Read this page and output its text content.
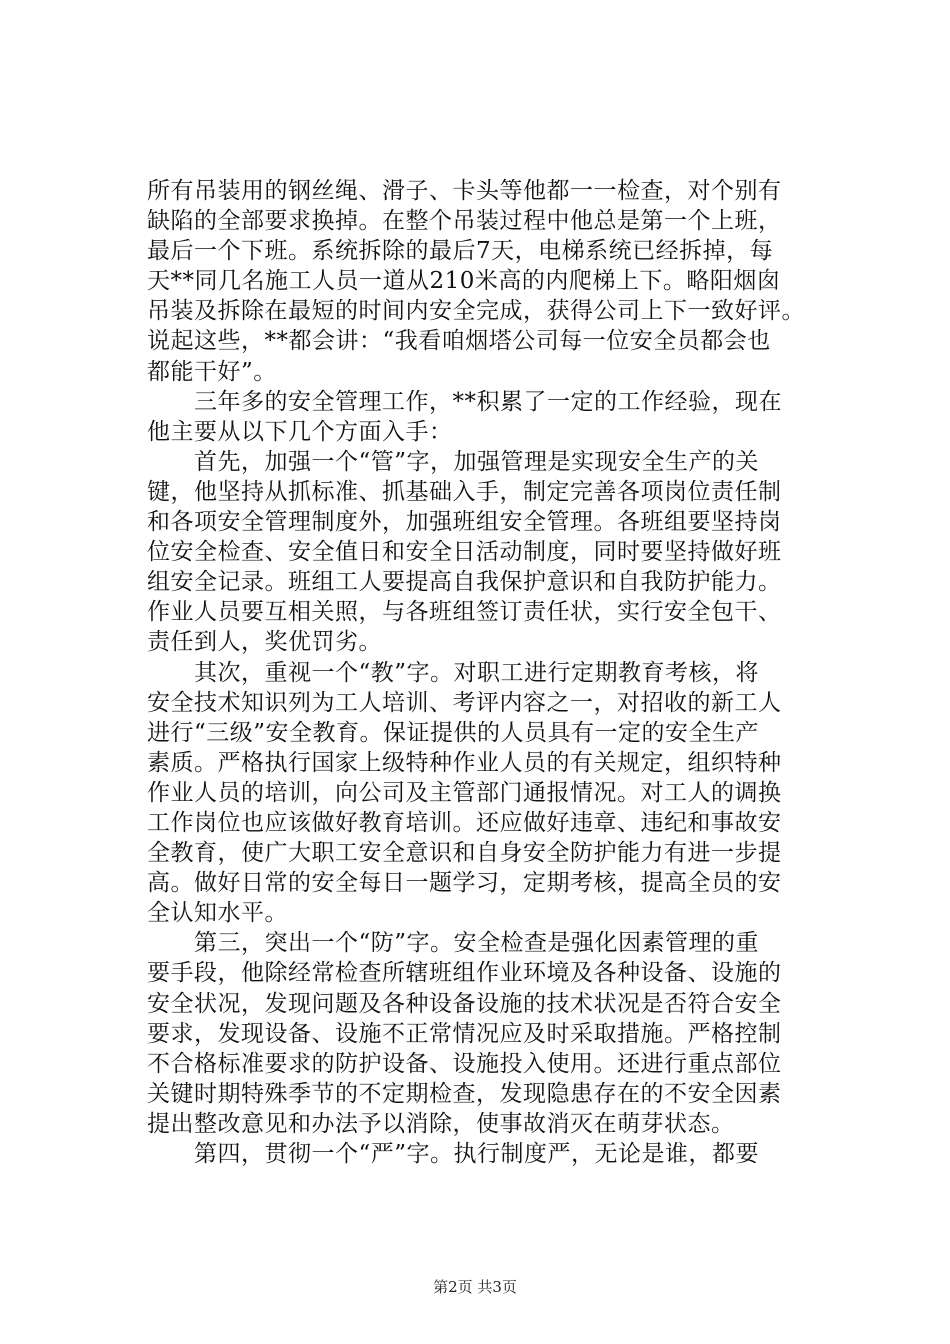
所有吊装用的钢丝绳、滑子、卡头等他都一一检查，对个别有
缺陷的全部要求换掉。在整个吊装过程中他总是第一个上班，
最后一个下班。系统拆除的最后7天，电梯系统已经拆掉，每
天**同几名施工人员一道从210米高的内爬梯上下。略阳烟囱
吊装及拆除在最短的时间内安全完成，获得公司上下一致好评。
说起这些，**都会讲：“我看咱烟塔公司每一位安全员都会也
都能干好”。

　　三年多的安全管理工作，**积累了一定的工作经验，现在
他主要从以下几个方面入手：

　　首先，加强一个“管”字，加强管理是实现安全生产的关
键，他坚持从抓标准、抓基础入手，制定完善各项岗位责任制
和各项安全管理制度外，加强班组安全管理。各班组要坚持岗
位安全检查、安全值日和安全日活动制度，同时要坚持做好班
组安全记录。班组工人要提高自我保护意识和自我防护能力。
作业人员要互相关照，与各班组签订责任状，实行安全包干、
责任到人，奖优罚劣。

　　其次，重视一个“教”字。对职工进行定期教育考核，将
安全技术知识列为工人培训、考评内容之一，对招收的新工人
进行“三级”安全教育。保证提供的人员具有一定的安全生产
素质。严格执行国家上级特种作业人员的有关规定，组织特种
作业人员的培训，向公司及主管部门通报情况。对工人的调换
工作岗位也应该做好教育培训。还应做好违章、违纪和事故安
全教育，使广大职工安全意识和自身安全防护能力有进一步提
高。做好日常的安全每日一题学习，定期考核，提高全员的安
全认知水平。

　　第三，突出一个“防”字。安全检查是强化因素管理的重
要手段，他除经常检查所辖班组作业环境及各种设备、设施的
安全状况，发现问题及各种设备设施的技术状况是否符合安全
要求，发现设备、设施不正常情况应及时采取措施。严格控制
不合格标准要求的防护设备、设施投入使用。还进行重点部位
关键时期特殊季节的不定期检查，发现隐患存在的不安全因素
提出整改意见和办法予以消除，使事故消灭在萌芽状态。

　　第四，贯彻一个“严”字。执行制度严，无论是谁，都要

第2页 共3页
